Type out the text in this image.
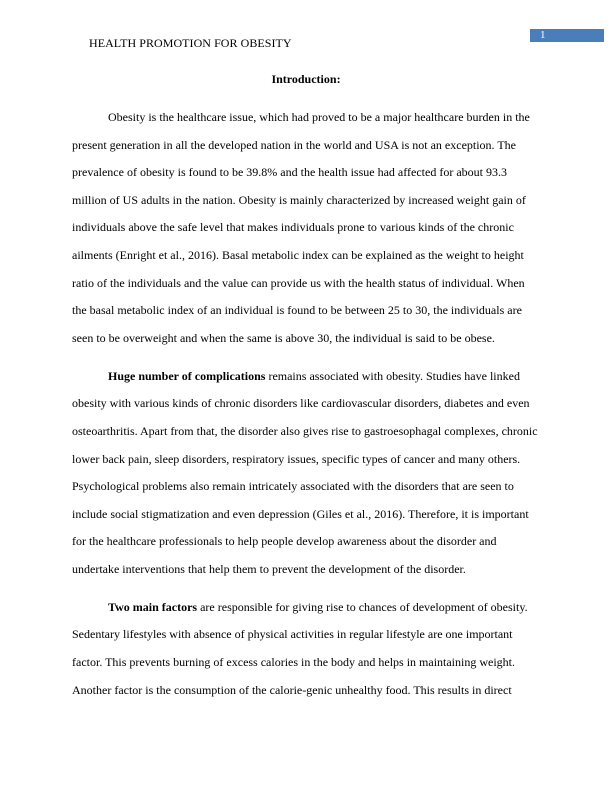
1
HEALTH PROMOTION FOR OBESITY
Introduction:
Obesity is the healthcare issue, which had proved to be a major healthcare burden in the
present generation in all the developed nation in the world and USA is not an exception. The
prevalence of obesity is found to be 39.8% and the health issue had affected for about 93.3
million of US adults in the nation. Obesity is mainly characterized by increased weight gain of
individuals above the safe level that makes individuals prone to various kinds of the chronic
ailments (Enright et al., 2016). Basal metabolic index can be explained as the weight to height
ratio of the individuals and the value can provide us with the health status of individual. When
the basal metabolic index of an individual is found to be between 25 to 30, the individuals are
seen to be overweight and when the same is above 30, the individual is said to be obese.
Huge number of complications remains associated with obesity. Studies have linked
obesity with various kinds of chronic disorders like cardiovascular disorders, diabetes and even
osteoarthritis. Apart from that, the disorder also gives rise to gastroesophagal complexes, chronic
lower back pain, sleep disorders, respiratory issues, specific types of cancer and many others.
Psychological problems also remain intricately associated with the disorders that are seen to
include social stigmatization and even depression (Giles et al., 2016). Therefore, it is important
for the healthcare professionals to help people develop awareness about the disorder and
undertake interventions that help them to prevent the development of the disorder.
Two main factors are responsible for giving rise to chances of development of obesity.
Sedentary lifestyles with absence of physical activities in regular lifestyle are one important
factor. This prevents burning of excess calories in the body and helps in maintaining weight.
Another factor is the consumption of the calorie-genic unhealthy food. This results in direct
